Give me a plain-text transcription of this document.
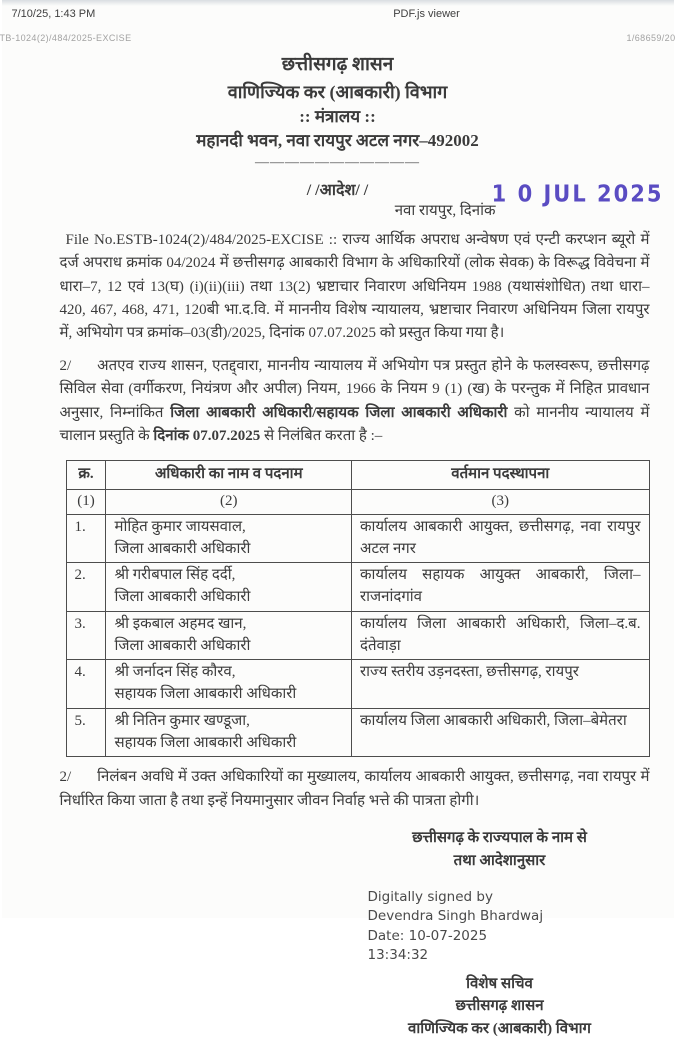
7/10/25, 1:43 PM	PDF.js viewer
TB-1024(2)/484/2025-EXCISE	1/68659/20
छत्तीसगढ़ शासन
वाणिज्यिक कर (आबकारी) विभाग
:: मंत्रालय ::
महानदी भवन, नवा रायपुर अटल नगर–492002
———————————
/ /आदेश/ /
नवा रायपुर, दिनांक
1 0 JUL 2025

File No.ESTB-1024(2)/484/2025-EXCISE :: राज्य आर्थिक अपराध अन्वेषण एवं एन्टी करप्शन ब्यूरो में दर्ज अपराध क्रमांक 04/2024 में छत्तीसगढ़ आबकारी विभाग के अधिकारियों (लोक सेवक) के विरूद्ध विवेचना में धारा–7, 12 एवं 13(घ) (i)(ii)(iii) तथा 13(2) भ्रष्टाचार निवारण अधिनियम 1988 (यथासंशोधित) तथा धारा–420, 467, 468, 471, 120बी भा.द.वि. में माननीय विशेष न्यायालय, भ्रष्टाचार निवारण अधिनियम जिला रायपुर में, अभियोग पत्र क्रमांक–03(डी)/2025, दिनांक 07.07.2025 को प्रस्तुत किया गया है।

2/ अतएव राज्य शासन, एतद्द्वारा, माननीय न्यायालय में अभियोग पत्र प्रस्तुत होने के फलस्वरूप, छत्तीसगढ़ सिविल सेवा (वर्गीकरण, नियंत्रण और अपील) नियम, 1966 के नियम 9 (1) (ख) के परन्तुक में निहित प्रावधान अनुसार, निम्नांकित जिला आबकारी अधिकारी/सहायक जिला आबकारी अधिकारी को माननीय न्यायालय में चालान प्रस्तुति के दिनांक 07.07.2025 से निलंबित करता है :–

क्र.	अधिकारी का नाम व पदनाम	वर्तमान पदस्थापना
(1)	(2)	(3)
1.	मोहित कुमार जायसवाल,
जिला आबकारी अधिकारी	कार्यालय आबकारी आयुक्त, छत्तीसगढ़, नवा रायपुर अटल नगर
2.	श्री गरीबपाल सिंह दर्दी,
जिला आबकारी अधिकारी	कार्यालय सहायक आयुक्त आबकारी, जिला–राजनांदगांव
3.	श्री इकबाल अहमद खान,
जिला आबकारी अधिकारी	कार्यालय जिला आबकारी अधिकारी, जिला–द.ब. दंतेवाड़ा
4.	श्री जर्नादन सिंह कौरव,
सहायक जिला आबकारी अधिकारी	राज्य स्तरीय उड़नदस्ता, छत्तीसगढ़, रायपुर
5.	श्री नितिन कुमार खण्डूजा,
सहायक जिला आबकारी अधिकारी	कार्यालय जिला आबकारी अधिकारी, जिला–बेमेतरा

2/ निलंबन अवधि में उक्त अधिकारियों का मुख्यालय, कार्यालय आबकारी आयुक्त, छत्तीसगढ़, नवा रायपुर में निर्धारित किया जाता है तथा इन्हें नियमानुसार जीवन निर्वाह भत्ते की पात्रता होगी।

छत्तीसगढ़ के राज्यपाल के नाम से
तथा आदेशानुसार
Digitally signed by
Devendra Singh Bhardwaj
Date: 10-07-2025
13:34:32
विशेष सचिव
छत्तीसगढ़ शासन
वाणिज्यिक कर (आबकारी) विभाग
